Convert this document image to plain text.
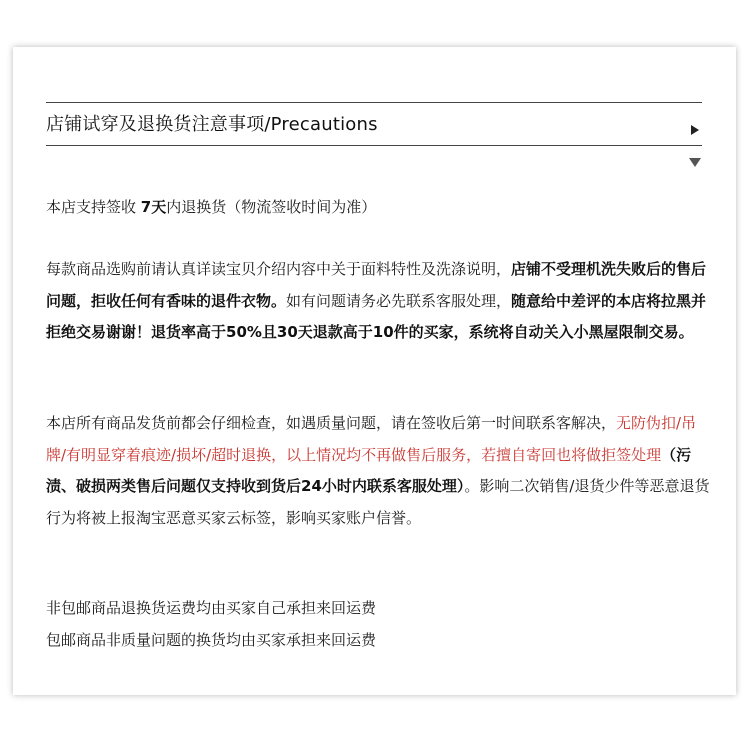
店铺试穿及退换货注意事项/Precautions
本店支持签收 7天内退换货（物流签收时间为准）
每款商品选购前请认真详读宝贝介绍内容中关于面料特性及洗涤说明，店铺不受理机洗失败后的售后问题，拒收任何有香味的退件衣物。如有问题请务必先联系客服处理，随意给中差评的本店将拉黑并拒绝交易谢谢！退货率高于50%且30天退款高于10件的买家，系统将自动关入小黑屋限制交易。
本店所有商品发货前都会仔细检查，如遇质量问题，请在签收后第一时间联系客解决，无防伪扣/吊牌/有明显穿着痕迹/损坏/超时退换，以上情况均不再做售后服务，若擅自寄回也将做拒签处理（污渍、破损两类售后问题仅支持收到货后24小时内联系客服处理）。影响二次销售/退货少件等恶意退货行为将被上报淘宝恶意买家云标签，影响买家账户信誉。
非包邮商品退换货运费均由买家自己承担来回运费
包邮商品非质量问题的换货均由买家承担来回运费
